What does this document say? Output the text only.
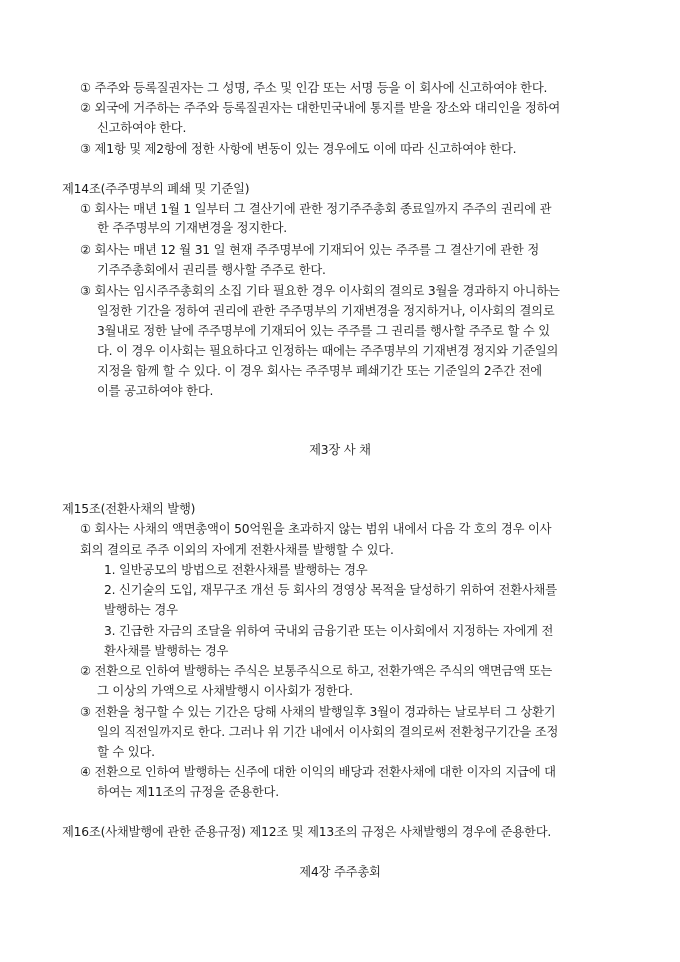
① 주주와 등록질권자는 그 성명, 주소 및 인감 또는 서명 등을 이 회사에 신고하여야 한다.
② 외국에 거주하는 주주와 등록질권자는 대한민국내에 통지를 받을 장소와 대리인을 정하여
신고하여야 한다.
③ 제1항 및 제2항에 정한 사항에 변동이 있는 경우에도 이에 따라 신고하여야 한다.
제14조(주주명부의 폐쇄 및 기준일)
① 회사는 매년 1월 1 일부터 그 결산기에 관한 정기주주총회 종료일까지 주주의 권리에 관
한 주주명부의 기재변경을 정지한다.
② 회사는 매년 12 월 31 일 현재 주주명부에 기재되어 있는 주주를 그 결산기에 관한 정
기주주총회에서 권리를 행사할 주주로 한다.
③ 회사는 임시주주총회의 소집 기타 필요한 경우 이사회의 결의로 3월을 경과하지 아니하는
일정한 기간을 정하여 권리에 관한 주주명부의 기재변경을 정지하거나, 이사회의 결의로
3월내로 정한 날에 주주명부에 기재되어 있는 주주를 그 권리를 행사할 주주로 할 수 있
다. 이 경우 이사회는 필요하다고 인정하는 때에는 주주명부의 기재변경 정지와 기준일의
지정을 함께 할 수 있다. 이 경우 회사는 주주명부 폐쇄기간 또는 기준일의 2주간 전에
이를 공고하여야 한다.
제3장 사 채
제15조(전환사채의 발행)
① 회사는 사채의 액면총액이 50억원을 초과하지 않는 범위 내에서 다음 각 호의 경우 이사
회의 결의로 주주 이외의 자에게 전환사채를 발행할 수 있다.
1. 일반공모의 방법으로 전환사채를 발행하는 경우
2. 신기술의 도입, 재무구조 개선 등 회사의 경영상 목적을 달성하기 위하여 전환사채를
발행하는 경우
3. 긴급한 자금의 조달을 위하여 국내외 금융기관 또는 이사회에서 지정하는 자에게 전
환사채를 발행하는 경우
② 전환으로 인하여 발행하는 주식은 보통주식으로 하고, 전환가액은 주식의 액면금액 또는
그 이상의 가액으로 사채발행시 이사회가 정한다.
③ 전환을 청구할 수 있는 기간은 당해 사채의 발행일후 3월이 경과하는 날로부터 그 상환기
일의 직전일까지로 한다. 그러나 위 기간 내에서 이사회의 결의로써 전환청구기간을 조정
할 수 있다.
④ 전환으로 인하여 발행하는 신주에 대한 이익의 배당과 전환사채에 대한 이자의 지급에 대
하여는 제11조의 규정을 준용한다.
제16조(사채발행에 관한 준용규정) 제12조 및 제13조의 규정은 사채발행의 경우에 준용한다.
제4장 주주총회
